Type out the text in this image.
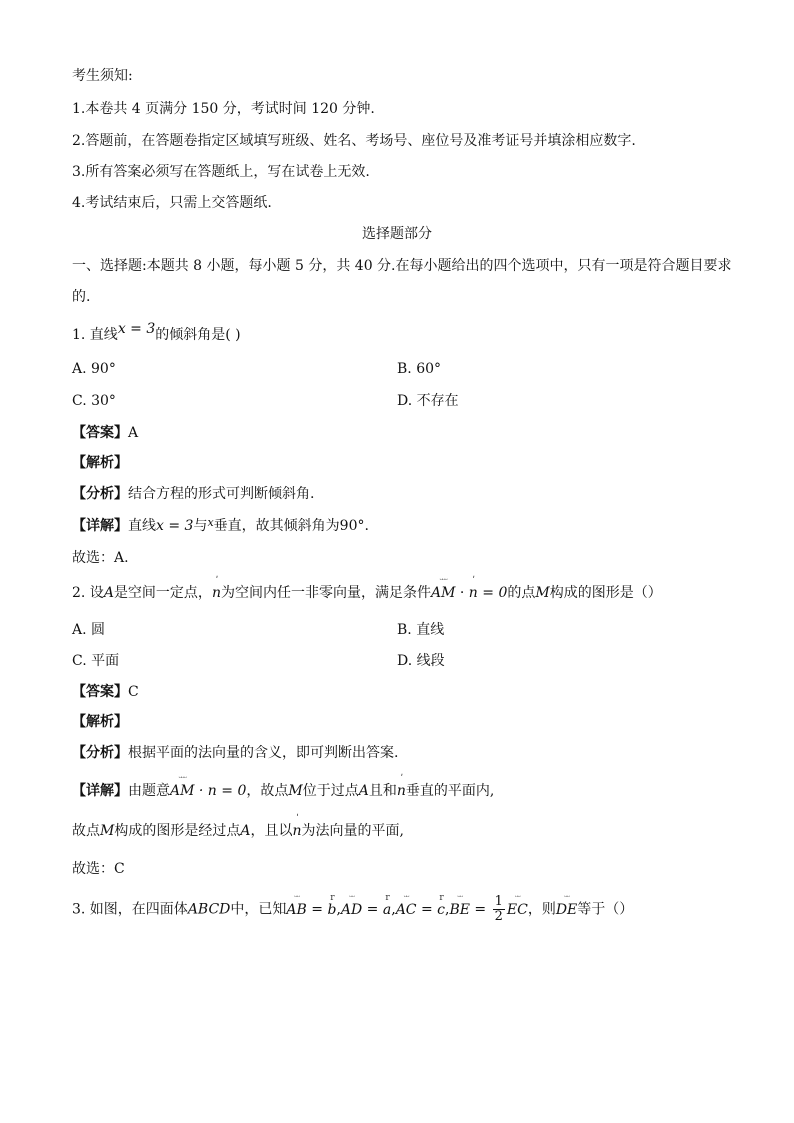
考生须知:
1.本卷共 4 页满分 150 分，考试时间 120 分钟.
2.答题前，在答题卷指定区域填写班级、姓名、考场号、座位号及准考证号并填涂相应数字.
3.所有答案必须写在答题纸上，写在试卷上无效.
4.考试结束后，只需上交答题纸.
选择题部分
一、选择题:本题共 8 小题，每小题 5 分，共 40 分.在每小题给出的四个选项中，只有一项是符合题目要求
的.
1. 直线x = 3的倾斜角是( )
A. 90°	B. 60°
C. 30°	D. 不存在
【答案】A
【解析】
【分析】结合方程的形式可判断倾斜角.
【详解】直线x = 3与$^x$垂直，故其倾斜角为90°.
故选：A.
2. 设A是空间一定点，
ʹ
n为空间内任一非零向量，满足条件
ᵕᵕᵕ
AM ·
ʹ
n = 0的点M构成的图形是（）
A. 圆	B. 直线
C. 平面	D. 线段
【答案】C
【解析】
【分析】根据平面的法向量的含义，即可判断出答案.
【详解】由题意
ᵕᵕᵕ
AM · n = 0，故点M位于过点A且和
ʹ
n垂直的平面内,
故点M构成的图形是经过点A，且以
ʹ
n为法向量的平面,
故选：C
3. 如图，在四面体ABCD中，已知
ᵕᵕ
AB =
r
b,
ᵕᵕ
AD =
r
a,
ᵕᵕ
AC =
r
c,
ᵕᵕ
BE = $\frac{1}{2}$	ᵕᵕ
EC，则
ᵕᵕ
DE等于（）
